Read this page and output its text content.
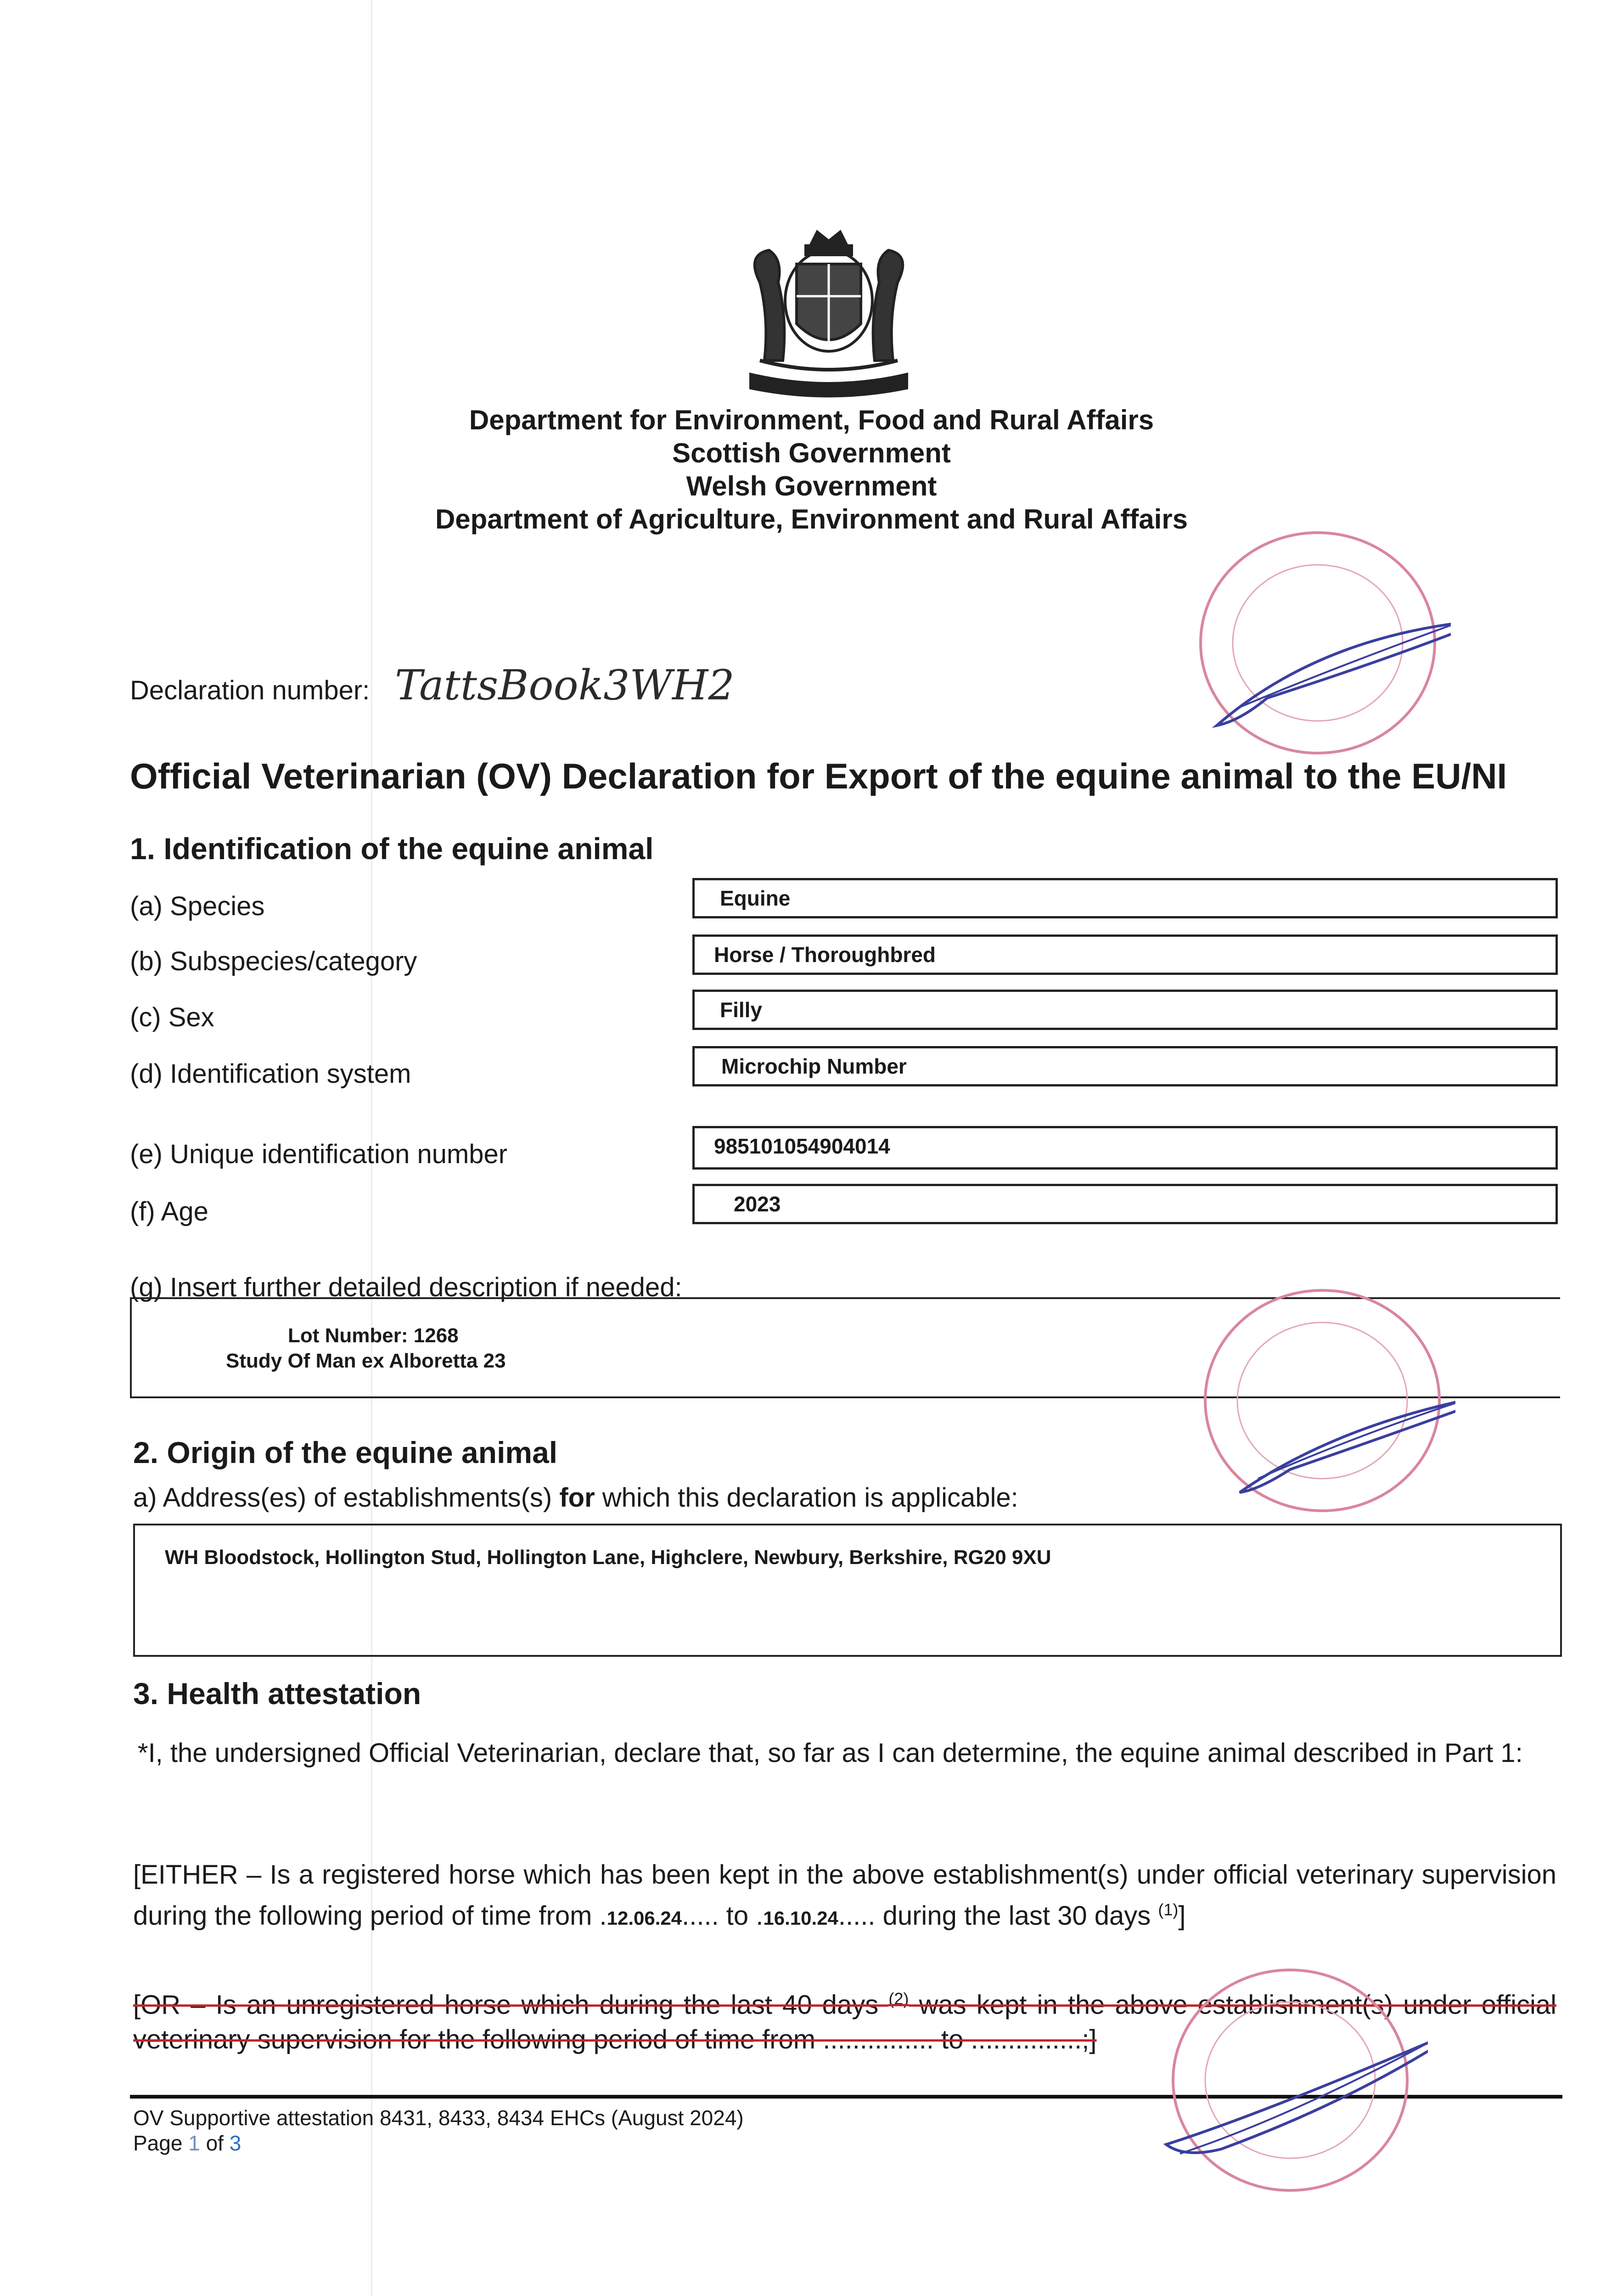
Department for Environment, Food and Rural Affairs
Scottish Government
Welsh Government
Department of Agriculture, Environment and Rural Affairs
Declaration number: TattsBook3WH2
Official Veterinarian (OV) Declaration for Export of the equine animal to the EU/NI
1. Identification of the equine animal
(a) Species	Equine
(b) Subspecies/category	Horse / Thoroughbred
(c) Sex	Filly
(d) Identification system	Microchip Number
(e) Unique identification number	985101054904014
(f) Age	2023
(g) Insert further detailed description if needed:
Lot Number: 1268
Study Of Man ex Alboretta 23
2. Origin of the equine animal
a) Address(es) of establishments(s) for which this declaration is applicable:
WH Bloodstock, Hollington Stud, Hollington Lane, Highclere, Newbury, Berkshire, RG20 9XU
3. Health attestation
*I, the undersigned Official Veterinarian, declare that, so far as I can determine, the equine animal described in Part 1:
[EITHER – Is a registered horse which has been kept in the above establishment(s) under official veterinary supervision during the following period of time from .12.06.24..... to .16.10.24..... during the last 30 days $^{(1)}$]
[OR – Is an unregistered horse which during the last 40 days $^{(2)}$ was kept in the above establishment(s) under official veterinary supervision for the following period of time from ............... to ...............;]
OV Supportive attestation 8431, 8433, 8434 EHCs (August 2024)
Page 1 of 3
